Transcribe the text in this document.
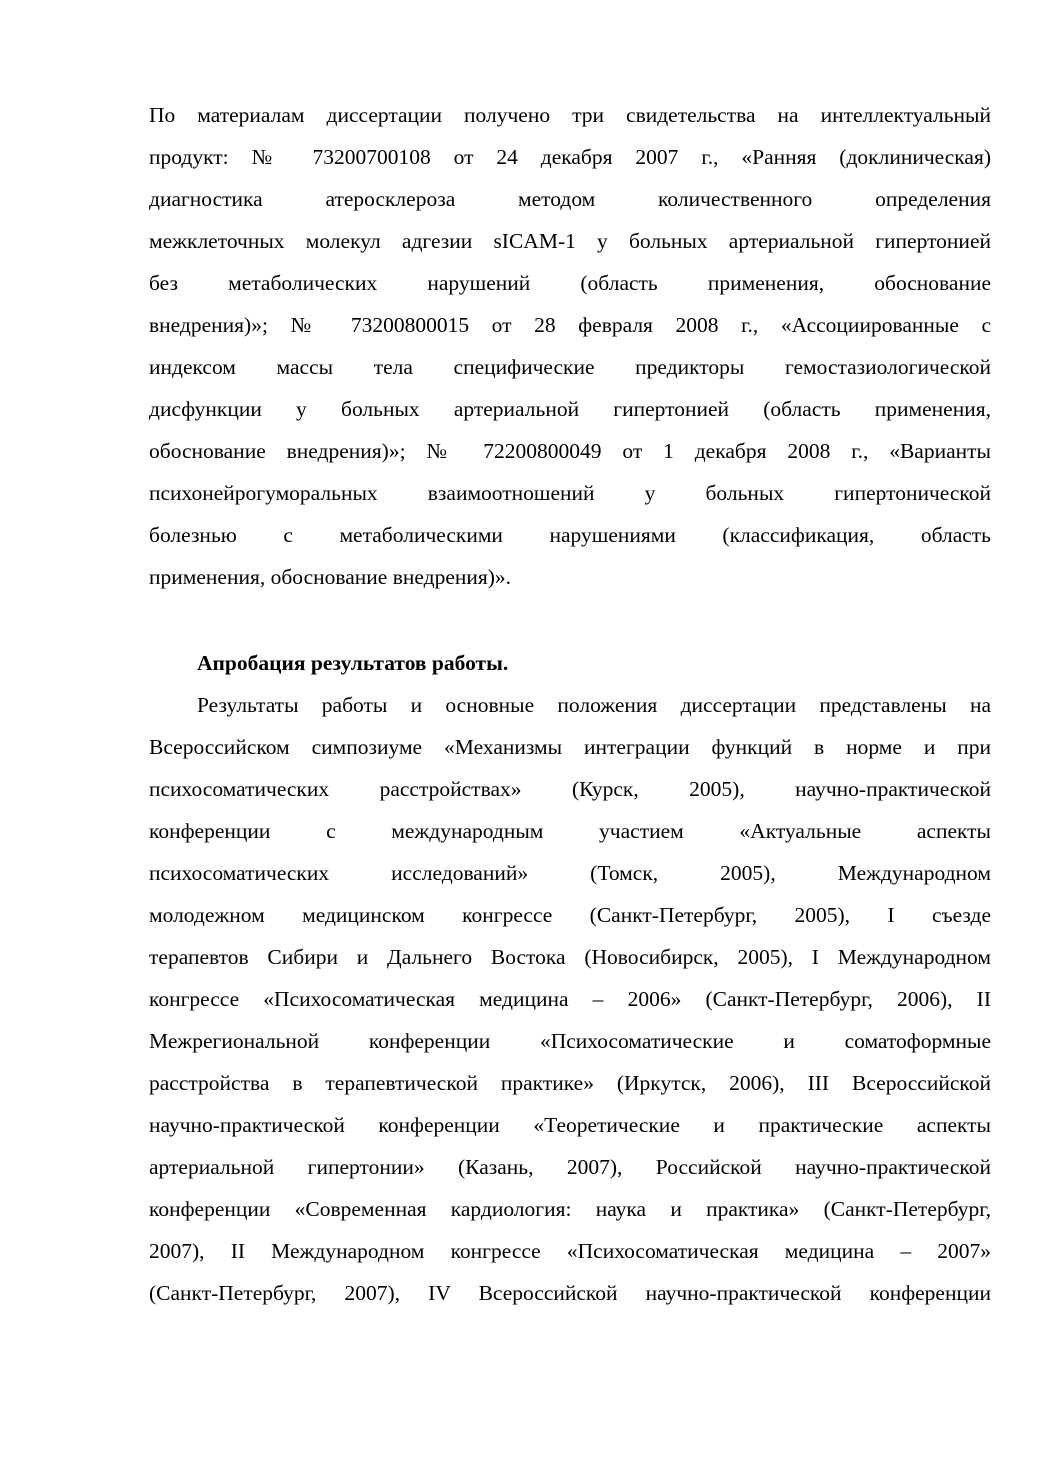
По материалам диссертации получено три свидетельства на интеллектуальный
продукт: № 73200700108 от 24 декабря 2007 г., «Ранняя (доклиническая)
диагностика атеросклероза методом количественного определения
межклеточных молекул адгезии sICAM-1 у больных артериальной гипертонией
без метаболических нарушений (область применения, обоснование
внедрения)»; № 73200800015 от 28 февраля 2008 г., «Ассоциированные с
индексом массы тела специфические предикторы гемостазиологической
дисфункции у больных артериальной гипертонией (область применения,
обоснование внедрения)»; № 72200800049 от 1 декабря 2008 г., «Варианты
психонейрогуморальных взаимоотношений у больных гипертонической
болезнью с метаболическими нарушениями (классификация, область
применения, обоснование внедрения)».
Апробация результатов работы.
Результаты работы и основные положения диссертации представлены на
Всероссийском симпозиуме «Механизмы интеграции функций в норме и при
психосоматических расстройствах» (Курск, 2005), научно-практической
конференции с международным участием «Актуальные аспекты
психосоматических исследований» (Томск, 2005), Международном
молодежном медицинском конгрессе (Санкт-Петербург, 2005), I съезде
терапевтов Сибири и Дальнего Востока (Новосибирск, 2005), I Международном
конгрессе «Психосоматическая медицина – 2006» (Санкт-Петербург, 2006), II
Межрегиональной конференции «Психосоматические и соматоформные
расстройства в терапевтической практике» (Иркутск, 2006), III Всероссийской
научно-практической конференции «Теоретические и практические аспекты
артериальной гипертонии» (Казань, 2007), Российской научно-практической
конференции «Современная кардиология: наука и практика» (Санкт-Петербург,
2007), II Международном конгрессе «Психосоматическая медицина – 2007»
(Санкт-Петербург, 2007), IV Всероссийской научно-практической конференции
